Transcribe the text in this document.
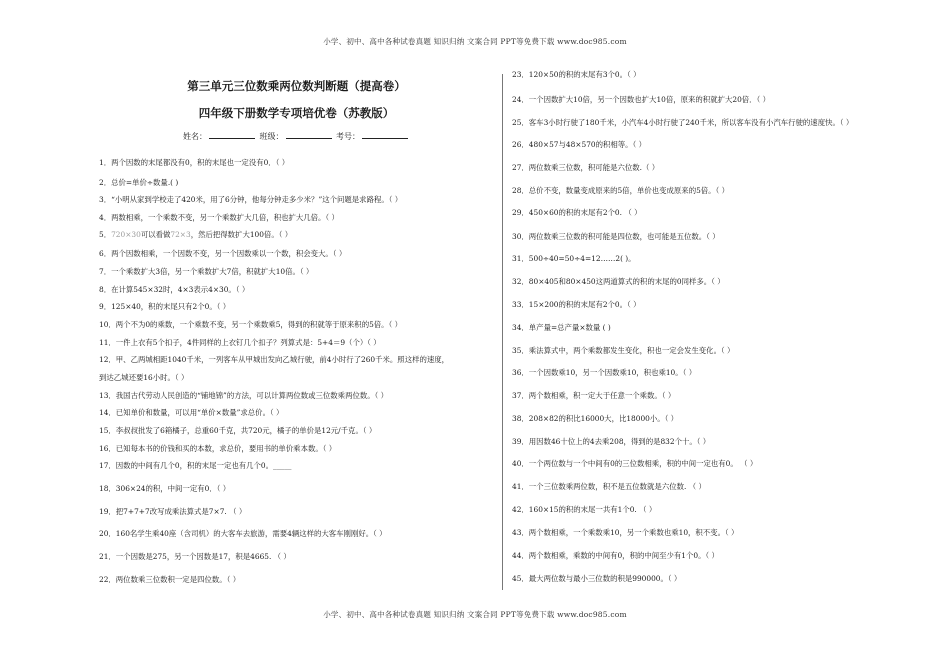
小学、初中、高中各种试卷真题 知识归纳 文案合同 PPT等免费下载 www.doc985.com
小学、初中、高中各种试卷真题 知识归纳 文案合同 PPT等免费下载 www.doc985.com
第三单元三位数乘两位数判断题（提高卷）
四年级下册数学专项培优卷（苏教版）
姓名：	班级：	考号：
1．两个因数的末尾都没有0，积的末尾也一定没有0．（ ）
2．总价=单价÷数量.( )
3．“小明从家到学校走了420米，用了6分钟，他每分钟走多少米？”这个问题是求路程。（ ）
4．两数相乘，一个乘数不变，另一个乘数扩大几倍，积也扩大几倍。（ ）
5．720×30可以看做72×3，然后把得数扩大100倍。（ ）
6．两个因数相乘，一个因数不变，另一个因数乘以一个数，积会变大。（ ）
7．一个乘数扩大3倍，另一个乘数扩大7倍，积就扩大10倍。（ ）
8．在计算545×32时，4×3表示4×30。（ ）
9．125×40，积的末尾只有2个0。（ ）
10．两个不为0的乘数，一个乘数不变，另一个乘数乘5，得到的积就等于原来积的5倍。（ ）
11．一件上衣有5个扣子，4件同样的上衣钉几个扣子？列算式是：5+4＝9（个）（ ）
12．甲、乙两城相距1040千米，一列客车从甲城出发向乙城行驶，前4小时行了260千米。照这样的速度，
到达乙城还要16小时。（ ）
13．我国古代劳动人民创造的“铺地锦”的方法，可以计算两位数或三位数乘两位数。（ ）
14．已知单价和数量，可以用“单价×数量”求总价。（ ）
15．李叔叔批发了6箱橘子，总重60千克，共720元，橘子的单价是12元/千克。（ ）
16．已知每本书的价钱和买的本数，求总价，要用书的单价乘本数。（ ）
17．因数的中间有几个0，积的末尾一定也有几个0。_____
18．306×24的积，中间一定有0．（ ）
19．把7+7+7改写成乘法算式是7×7. （ ）
20．160名学生乘40座（含司机）的大客车去旅游，需要4辆这样的大客车刚刚好。（ ）
21．一个因数是275，另一个因数是17，积是4665. （ ）
22．两位数乘三位数积一定是四位数。（ ）
23．120×50的积的末尾有3个0。（ ）
24．一个因数扩大10倍，另一个因数也扩大10倍，原来的积就扩大20倍．（ ）
25．客车3小时行驶了180千米，小汽车4小时行驶了240千米，所以客车没有小汽车行驶的速度快。（ ）
26．480×57与48×570的积相等。（ ）
27．两位数乘三位数，积可能是六位数.（ ）
28．总价不变，数量变成原来的5倍，单价也变成原来的5倍。（ ）
29．450×60的积的末尾有2个0. （ ）
30．两位数乘三位数的积可能是四位数，也可能是五位数。（ ）
31．500÷40=50÷4=12……2( )。
32．80×405和80×450这两道算式的积的末尾的0同样多。（ ）
33．15×200的积的末尾有2个0。（ ）
34．单产量=总产量×数量 ( )
35．乘法算式中，两个乘数都发生变化，积也一定会发生变化。（ ）
36．一个因数乘10，另一个因数乘10，积也乘10。（ ）
37．两个数相乘，积一定大于任意一个乘数。（ ）
38．208×82的积比16000大，比18000小。（ ）
39．用因数46十位上的4去乘208，得到的是832个十。（ ）
40．一个两位数与一个中间有0的三位数相乘，积的中间一定也有0。 （ ）
41．一个三位数乘两位数，积不是五位数就是六位数. （ ）
42．160×15的积的末尾一共有1个0. （ ）
43．两个数相乘，一个乘数乘10，另一个乘数也乘10，积不变。（ ）
44．两个数相乘，乘数的中间有0，积的中间至少有1个0。（ ）
45．最大两位数与最小三位数的积是990000。（ ）
